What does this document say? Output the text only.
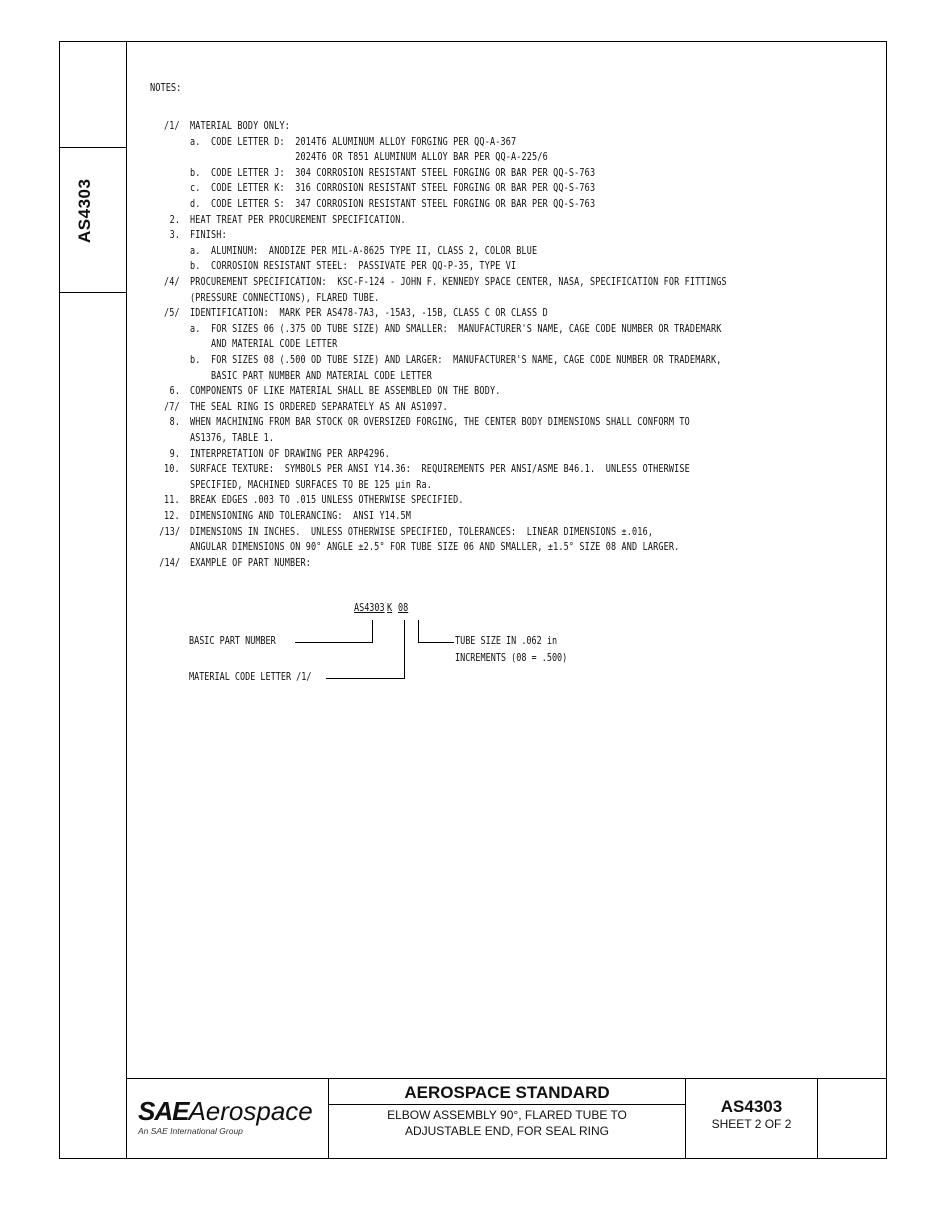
AS4303
NOTES:
/1/ MATERIAL BODY ONLY:
a.  CODE LETTER D:  2014T6 ALUMINUM ALLOY FORGING PER QQ-A-367
2024T6 OR T851 ALUMINUM ALLOY BAR PER QQ-A-225/6
b.  CODE LETTER J:  304 CORROSION RESISTANT STEEL FORGING OR BAR PER QQ-S-763
c.  CODE LETTER K:  316 CORROSION RESISTANT STEEL FORGING OR BAR PER QQ-S-763
d.  CODE LETTER S:  347 CORROSION RESISTANT STEEL FORGING OR BAR PER QQ-S-763
2. HEAT TREAT PER PROCUREMENT SPECIFICATION.
3. FINISH:
a.  ALUMINUM:  ANODIZE PER MIL-A-8625 TYPE II, CLASS 2, COLOR BLUE
b.  CORROSION RESISTANT STEEL:  PASSIVATE PER QQ-P-35, TYPE VI
/4/ PROCUREMENT SPECIFICATION:  KSC-F-124 - JOHN F. KENNEDY SPACE CENTER, NASA, SPECIFICATION FOR FITTINGS
(PRESSURE CONNECTIONS), FLARED TUBE.
/5/ IDENTIFICATION:  MARK PER AS478-7A3, -15A3, -15B, CLASS C OR CLASS D
a.  FOR SIZES 06 (.375 OD TUBE SIZE) AND SMALLER:  MANUFACTURER'S NAME, CAGE CODE NUMBER OR TRADEMARK
AND MATERIAL CODE LETTER
b.  FOR SIZES 08 (.500 OD TUBE SIZE) AND LARGER:  MANUFACTURER'S NAME, CAGE CODE NUMBER OR TRADEMARK,
BASIC PART NUMBER AND MATERIAL CODE LETTER
6. COMPONENTS OF LIKE MATERIAL SHALL BE ASSEMBLED ON THE BODY.
/7/ THE SEAL RING IS ORDERED SEPARATELY AS AN AS1097.
8. WHEN MACHINING FROM BAR STOCK OR OVERSIZED FORGING, THE CENTER BODY DIMENSIONS SHALL CONFORM TO
AS1376, TABLE 1.
9. INTERPRETATION OF DRAWING PER ARP4296.
10. SURFACE TEXTURE:  SYMBOLS PER ANSI Y14.36:  REQUIREMENTS PER ANSI/ASME B46.1.  UNLESS OTHERWISE
SPECIFIED, MACHINED SURFACES TO BE 125 μin Ra.
11. BREAK EDGES .003 TO .015 UNLESS OTHERWISE SPECIFIED.
12. DIMENSIONING AND TOLERANCING:  ANSI Y14.5M
/13/ DIMENSIONS IN INCHES.  UNLESS OTHERWISE SPECIFIED, TOLERANCES:  LINEAR DIMENSIONS ±.016,
ANGULAR DIMENSIONS ON 90° ANGLE ±2.5° FOR TUBE SIZE 06 AND SMALLER, ±1.5° SIZE 08 AND LARGER.
/14/ EXAMPLE OF PART NUMBER:
AS4303 K 08
BASIC PART NUMBER	TUBE SIZE IN .062 in
INCREMENTS (08 = .500)
MATERIAL CODE LETTER /1/
SAEAerospace
An SAE International Group
AEROSPACE STANDARD
ELBOW ASSEMBLY 90°, FLARED TUBE TO
ADJUSTABLE END, FOR SEAL RING
AS4303
SHEET 2 OF 2
